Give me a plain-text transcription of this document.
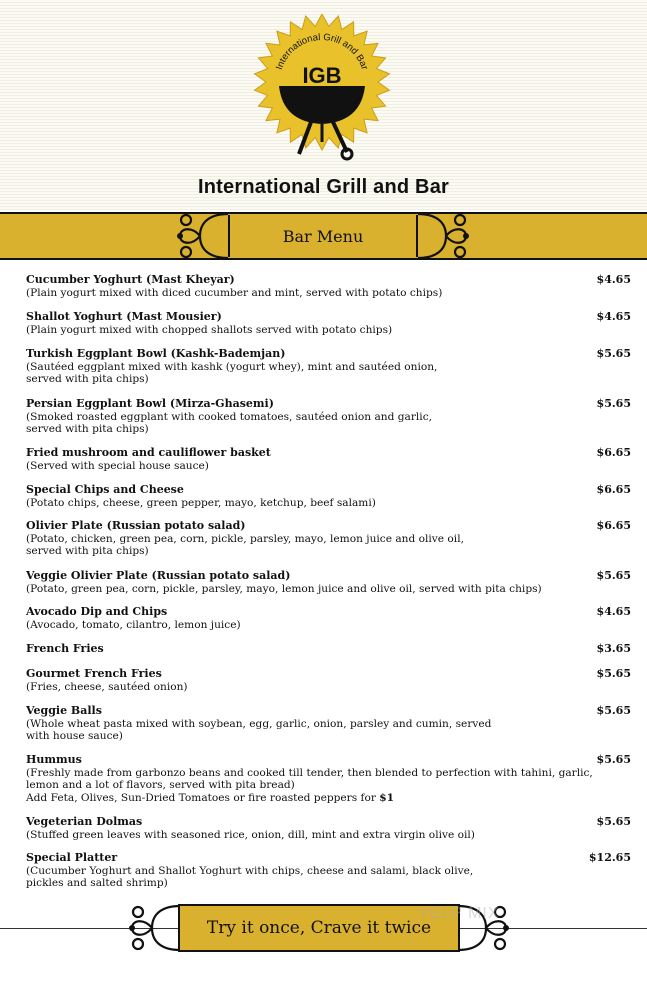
International Grill and Bar
IGB
International Grill and Bar
Bar Menu
Cucumber Yoghurt (Mast Kheyar)
(Plain yogurt mixed with diced cucumber and mint, served with potato chips)
$4.65
Shallot Yoghurt (Mast Mousier)
(Plain yogurt mixed with chopped shallots served with potato chips)
$4.65
Turkish Eggplant Bowl (Kashk-Bademjan)
(Sautéed eggplant mixed with kashk (yogurt whey), mint and sautéed onion, served with pita chips)
$5.65
Persian Eggplant Bowl (Mirza-Ghasemi)
(Smoked roasted eggplant with cooked tomatoes, sautéed onion and garlic, served with pita chips)
$5.65
Fried mushroom and cauliflower basket
(Served with special house sauce)
$6.65
Special Chips and Cheese
(Potato chips, cheese, green pepper, mayo, ketchup, beef salami)
$6.65
Olivier Plate (Russian potato salad)
(Potato, chicken, green pea, corn, pickle, parsley, mayo, lemon juice and olive oil, served with pita chips)
$6.65
Veggie Olivier Plate (Russian potato salad)
(Potato, green pea, corn, pickle, parsley, mayo, lemon juice and olive oil, served with pita chips)
$5.65
Avocado Dip and Chips
(Avocado, tomato, cilantro, lemon juice)
$4.65
French Fries	$3.65
Gourmet French Fries
(Fries, cheese, sautéed onion)
$5.65
Veggie Balls
(Whole wheat pasta mixed with soybean, egg, garlic, onion, parsley and cumin, served with house sauce)
$5.65
Hummus
(Freshly made from garbonzo beans and cooked till tender, then blended to perfection with tahini, garlic, lemon and a lot of flavors, served with pita bread)
Add Feta, Olives, Sun-Dried Tomatoes or fire roasted peppers for $1
$5.65
Vegeterian Dolmas
(Stuffed green leaves with seasoned rice, onion, dill, mint and extra virgin olive oil)
$5.65
Special Platter
(Cucumber Yoghurt and Shallot Yoghurt with chips, cheese and salami, black olive, pickles and salted shrimp)
$12.65
Try it once, Crave it twice
YELP MIX
